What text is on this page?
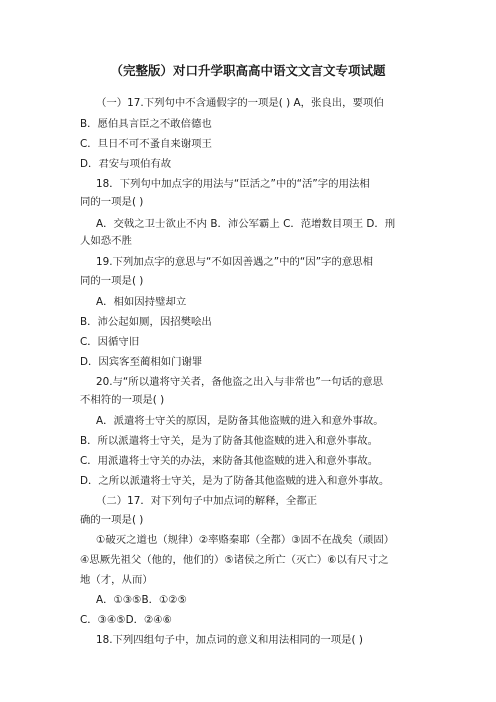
（完整版）对口升学职高高中语文文言文专项试题
（一）17.下列句中不含通假字的一项是( ) A，张良出，要项伯
B．愿伯具言臣之不敢倍德也
C．旦日不可不蚤自来谢项王
D．君安与项伯有故
18．下列句中加点字的用法与“臣活之”中的“活”字的用法相
同的一项是( )
A．交戟之卫士欲止不内 B．沛公军霸上 C．范增数目项王 D．刑
人如恐不胜
19.下列加点字的意思与“不如因善遇之”中的“因”字的意思相
同的一项是( )
A．相如因持璧却立
B．沛公起如厕，因招樊哙出
C．因循守旧
D．因宾客至蔺相如门谢罪
20.与“所以遣将守关者，备他盗之出入与非常也”一句话的意思
不相符的一项是( )
A．派遣将士守关的原因，是防备其他盗贼的进入和意外事故。
B．所以派遣将士守关，是为了防备其他盗贼的进入和意外事故。
C．用派遣将士守关的办法，来防备其他盗贼的进入和意外事故。
D．之所以派遣将士守关，是为了防备其他盗贼的进入和意外事故。
（二）17．对下列句子中加点词的解释，全都正
确的一项是( )
①破灭之道也（规律）②率赂秦耶（全都）③固不在战矣（顽固）
④思厥先祖父（他的，他们的）⑤诸侯之所亡（灭亡）⑥以有尺寸之
地（才，从而）
A．①③⑤B．①②⑤
C．③④⑤D．②④⑥
18.下列四组句子中，加点词的意义和用法相同的一项是( )
